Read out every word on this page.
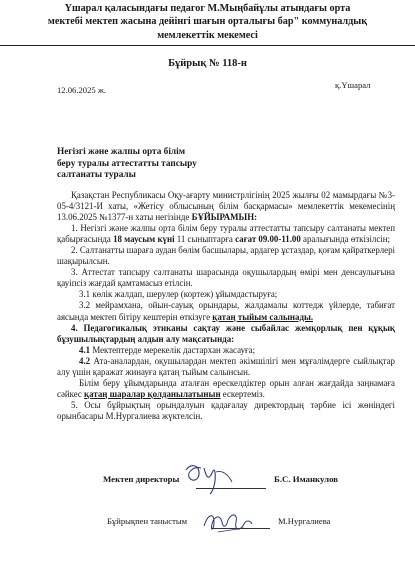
Үшарал қаласындағы педагог М.Мыңбайұлы атындағы орта
мектебі мектеп жасына дейінгі шағын орталығы бар" коммуналдық
мемлекеттік мекемесі
Бұйрық № 118-н
12.06.2025 ж.	қ.Үшарал
Негізгі және жалпы орта білім
беру туралы аттестатты тапсыру
салтанаты туралы

Қазақстан Республикасы Оқу-ағарту министрлігінің 2025 жылғы 02 мамырдағы №3-05-4/3121-И хаты, «Жетісу облысының білім басқармасы» мемлекеттік мекемесінің 13.06.2025 №1377-н хаты негізінде БҰЙЫРАМЫН:

1. Негізгі және жалпы орта білім беру туралы аттестатты тапсыру салтанаты мектеп қабырғасында 18 маусым күні 11 сыныптарға сағат 09.00-11.00 аралығында өткізілсін;

2. Салтанатты шараға аудан бөлім басшылары, ардагер ұстаздар, қоғам қайраткерлері шақырылсын.

3. Аттестат тапсыру салтанаты шарасында оқушылардың өмірі мен денсаулығына қауіпсіз жағдай қамтамасыз етілсін.

3.1 көлік жалдап, шерулер (кортеж) ұйымдастыруға;

3.2 мейрамхана, ойын-сауық орындары, жалдамалы коттедж үйлерде, табиғат аясында мектеп бітіру кештерін өткізуге қатаң тыйым салынады.

4. Педагогикалық этиканы сақтау және сыбайлас жемқорлық пен құқық бұзушылықтардың алдын алу мақсатында:

4.1 Мектептерде мерекелік дастархан жасауға;

4.2 Ата-аналардан, оқушылардан мектеп әкімшілігі мен мұғалімдерге сыйлықтар алу үшін қаражат жинауға қатаң тыйым салынсын.

Білім беру ұйымдарында аталған өрескелдіктер орын алған жағдайда заңнамаға сәйкес қатаң шаралар қолданылатынын ескертеміз.

5. Осы бұйрықтың орындалуын қадағалау директордың тәрбие ісі жөніндегі орынбасары М.Нургалиева жүктелсін.

Мектеп директоры	Б.С. Иманкулов
Бұйрықпен таныстым	М.Нургалиева
